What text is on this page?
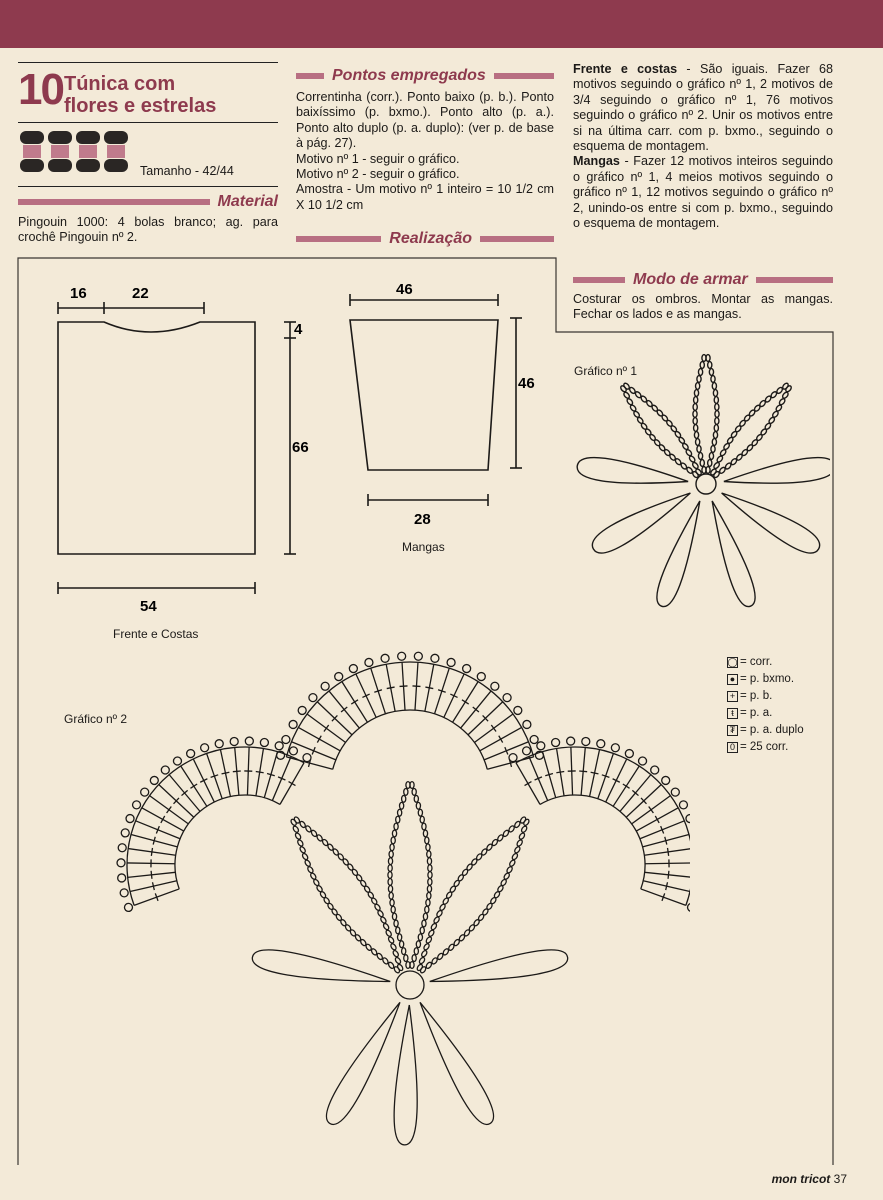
10 Túnica com
flores e estrelas
Tamanho - 42/44
Material
Pingouin 1000: 4 bolas branco; ag. para crochê Pingouin nº 2.
Pontos empregados

Correntinha (corr.). Ponto baixo (p. b.). Ponto baixíssimo (p. bxmo.). Ponto alto (p. a.). Ponto alto duplo (p. a. duplo): (ver p. de base à pág. 27).

Motivo nº 1 - seguir o gráfico.

Motivo nº 2 - seguir o gráfico.

Amostra - Um motivo nº 1 inteiro = 10 1/2 cm X 10 1/2 cm

Realização

Frente e costas - São iguais. Fazer 68 motivos seguindo o gráfico nº 1, 2 motivos de 3/4 seguindo o gráfico nº 1, 76 motivos seguindo o gráfico nº 2. Unir os motivos entre si na última carr. com p. bxmo., seguindo o esquema de montagem.

Mangas - Fazer 12 motivos inteiros seguindo o gráfico nº 1, 4 meios motivos seguindo o gráfico nº 1, 12 motivos seguindo o gráfico nº 2, unindo-os entre si com p. bxmo., seguindo o esquema de montagem.

Modo de armar
Costurar os ombros. Montar as mangas. Fechar os lados e as mangas.
16	22
4
66
54
Frente e Costas
46
46
28
Mangas
Gráfico nº 1
Gráfico nº 2
◯ = corr.
● = p. bxmo.
+ = p. b.
ŧ = p. a.
₮ = p. a. duplo
0 = 25 corr.
mon tricot 37
